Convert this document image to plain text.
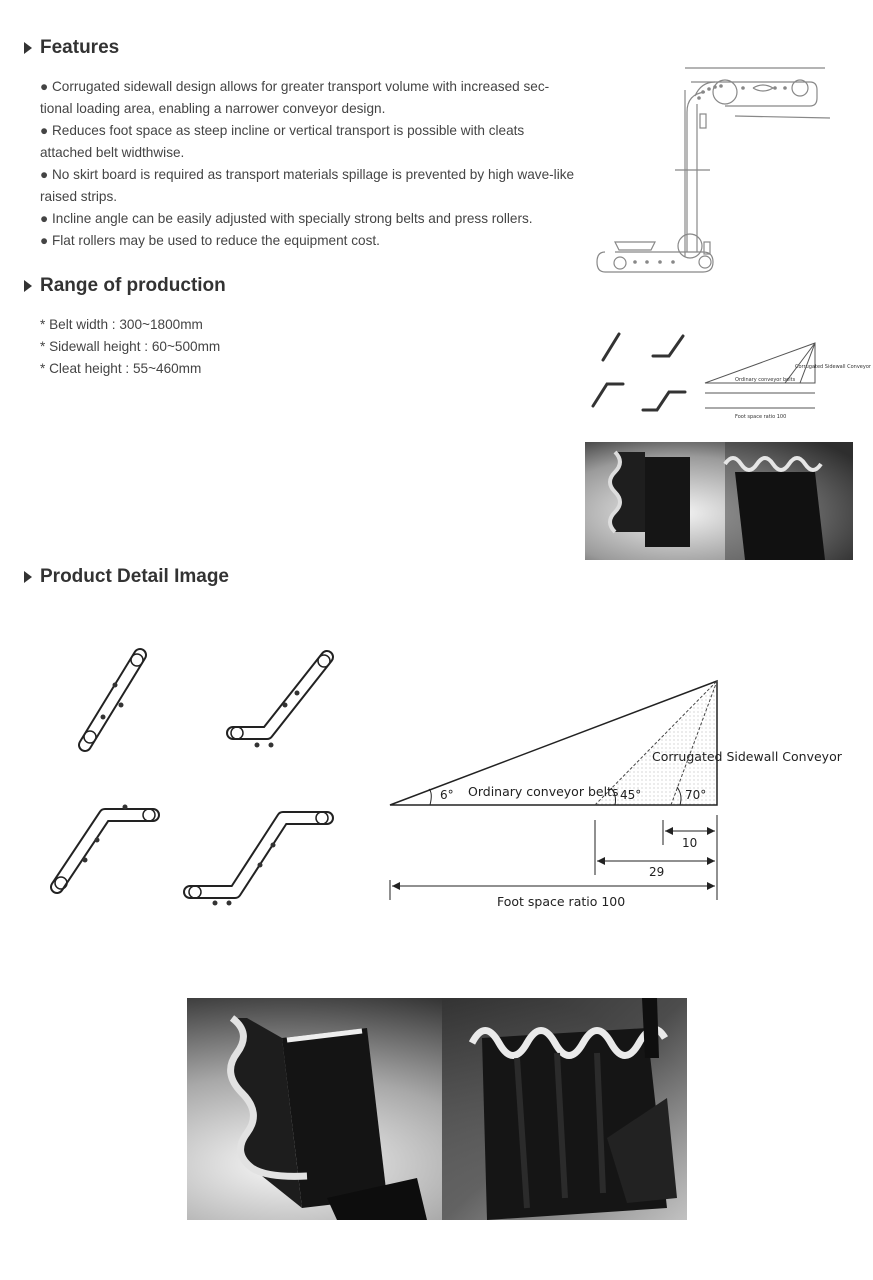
Features

● Corrugated sidewall design allows for greater transport volume with increased sec-tional loading area, enabling a narrower conveyor design.

● Reduces foot space as steep incline or vertical transport is possible with cleats attached belt widthwise.

● No skirt board is required as transport materials spillage is prevented by high wave-like raised strips.

● Incline angle can be easily adjusted with specially strong belts and press rollers.

● Flat rollers may be used to reduce the equipment cost.

Range of production

* Belt width : 300~1800mm

* Sidewall height : 60~500mm

* Cleat height : 55~460mm

Ordinary conveyor belts
Corrugated Sidewall Conveyor
Foot space ratio 100
Product Detail Image
6° Ordinary conveyor belts 45°	70°
Corrugated Sidewall Conveyor
10
29
Foot space ratio 100
